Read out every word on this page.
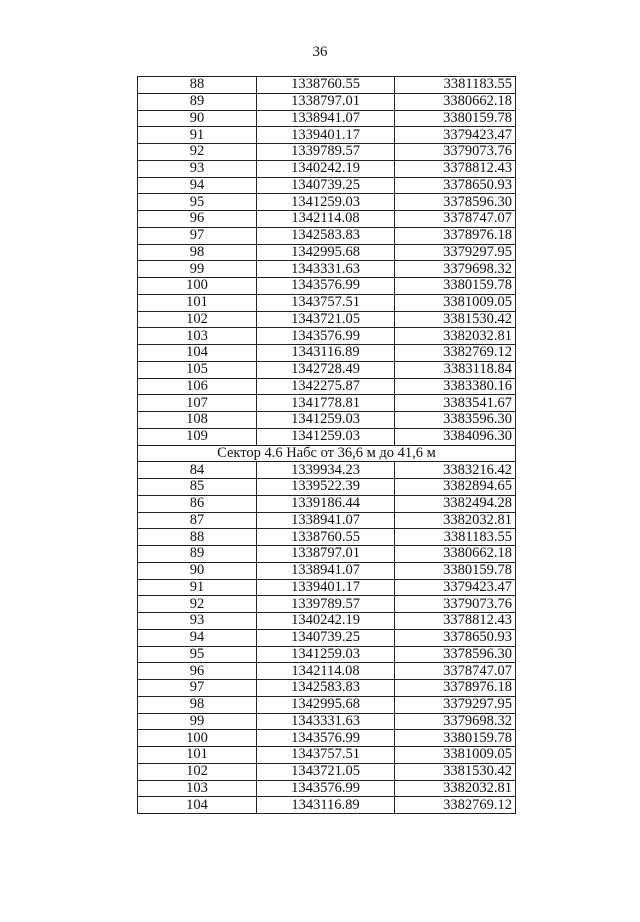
36
88	1338760.55	3381183.55
89	1338797.01	3380662.18
90	1338941.07	3380159.78
91	1339401.17	3379423.47
92	1339789.57	3379073.76
93	1340242.19	3378812.43
94	1340739.25	3378650.93
95	1341259.03	3378596.30
96	1342114.08	3378747.07
97	1342583.83	3378976.18
98	1342995.68	3379297.95
99	1343331.63	3379698.32
100	1343576.99	3380159.78
101	1343757.51	3381009.05
102	1343721.05	3381530.42
103	1343576.99	3382032.81
104	1343116.89	3382769.12
105	1342728.49	3383118.84
106	1342275.87	3383380.16
107	1341778.81	3383541.67
108	1341259.03	3383596.30
109	1341259.03	3384096.30
Сектор 4.6 Набс от 36,6 м до 41,6 м		
84	1339934.23	3383216.42
85	1339522.39	3382894.65
86	1339186.44	3382494.28
87	1338941.07	3382032.81
88	1338760.55	3381183.55
89	1338797.01	3380662.18
90	1338941.07	3380159.78
91	1339401.17	3379423.47
92	1339789.57	3379073.76
93	1340242.19	3378812.43
94	1340739.25	3378650.93
95	1341259.03	3378596.30
96	1342114.08	3378747.07
97	1342583.83	3378976.18
98	1342995.68	3379297.95
99	1343331.63	3379698.32
100	1343576.99	3380159.78
101	1343757.51	3381009.05
102	1343721.05	3381530.42
103	1343576.99	3382032.81
104	1343116.89	3382769.12
